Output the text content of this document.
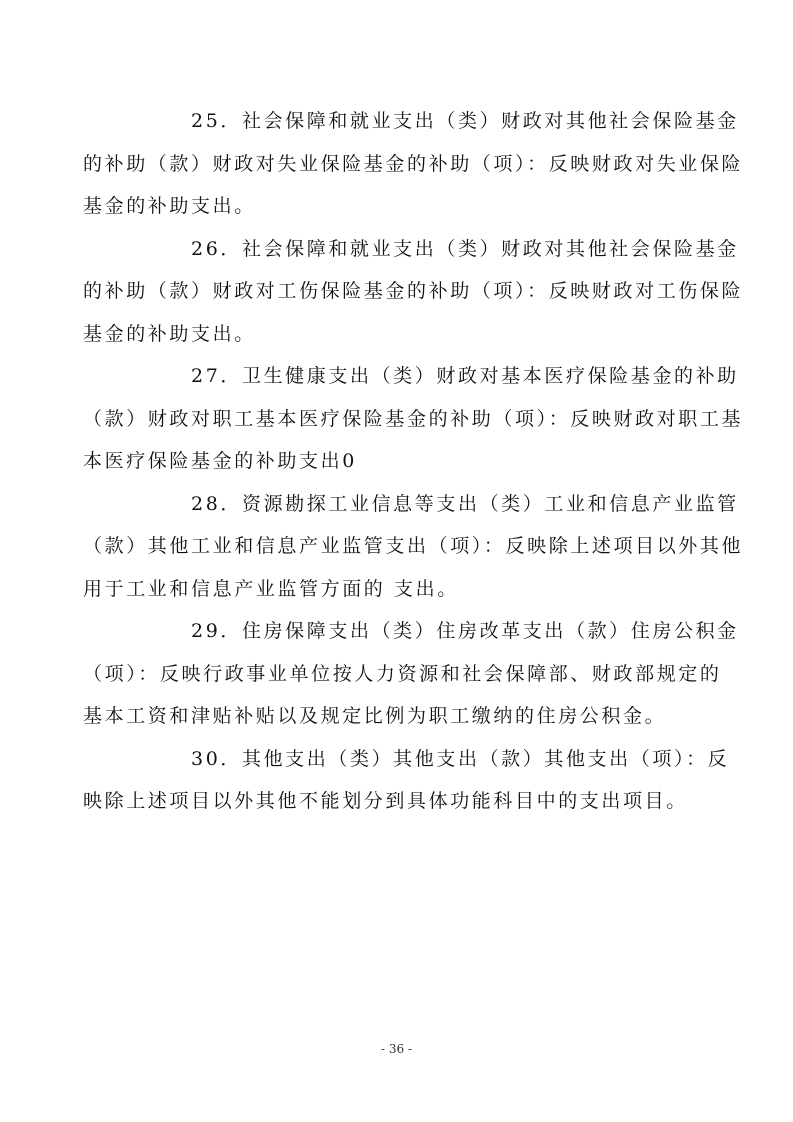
25．社会保障和就业支出（类）财政对其他社会保险基金
的补助（款）财政对失业保险基金的补助（项）：反映财政对失业保险
基金的补助支出。
26．社会保障和就业支出（类）财政对其他社会保险基金
的补助（款）财政对工伤保险基金的补助（项）：反映财政对工伤保险
基金的补助支出。
27．卫生健康支出（类）财政对基本医疗保险基金的补助
（款）财政对职工基本医疗保险基金的补助（项）：反映财政对职工基
本医疗保险基金的补助支出0
28．资源勘探工业信息等支出（类）工业和信息产业监管
（款）其他工业和信息产业监管支出（项）：反映除上述项目以外其他
用于工业和信息产业监管方面的 支出。
29．住房保障支出（类）住房改革支出（款）住房公积金
（项）：反映行政事业单位按人力资源和社会保障部、财政部规定的
基本工资和津贴补贴以及规定比例为职工缴纳的住房公积金。
30．其他支出（类）其他支出（款）其他支出（项）：反
映除上述项目以外其他不能划分到具体功能科目中的支出项目。
- 36 -
